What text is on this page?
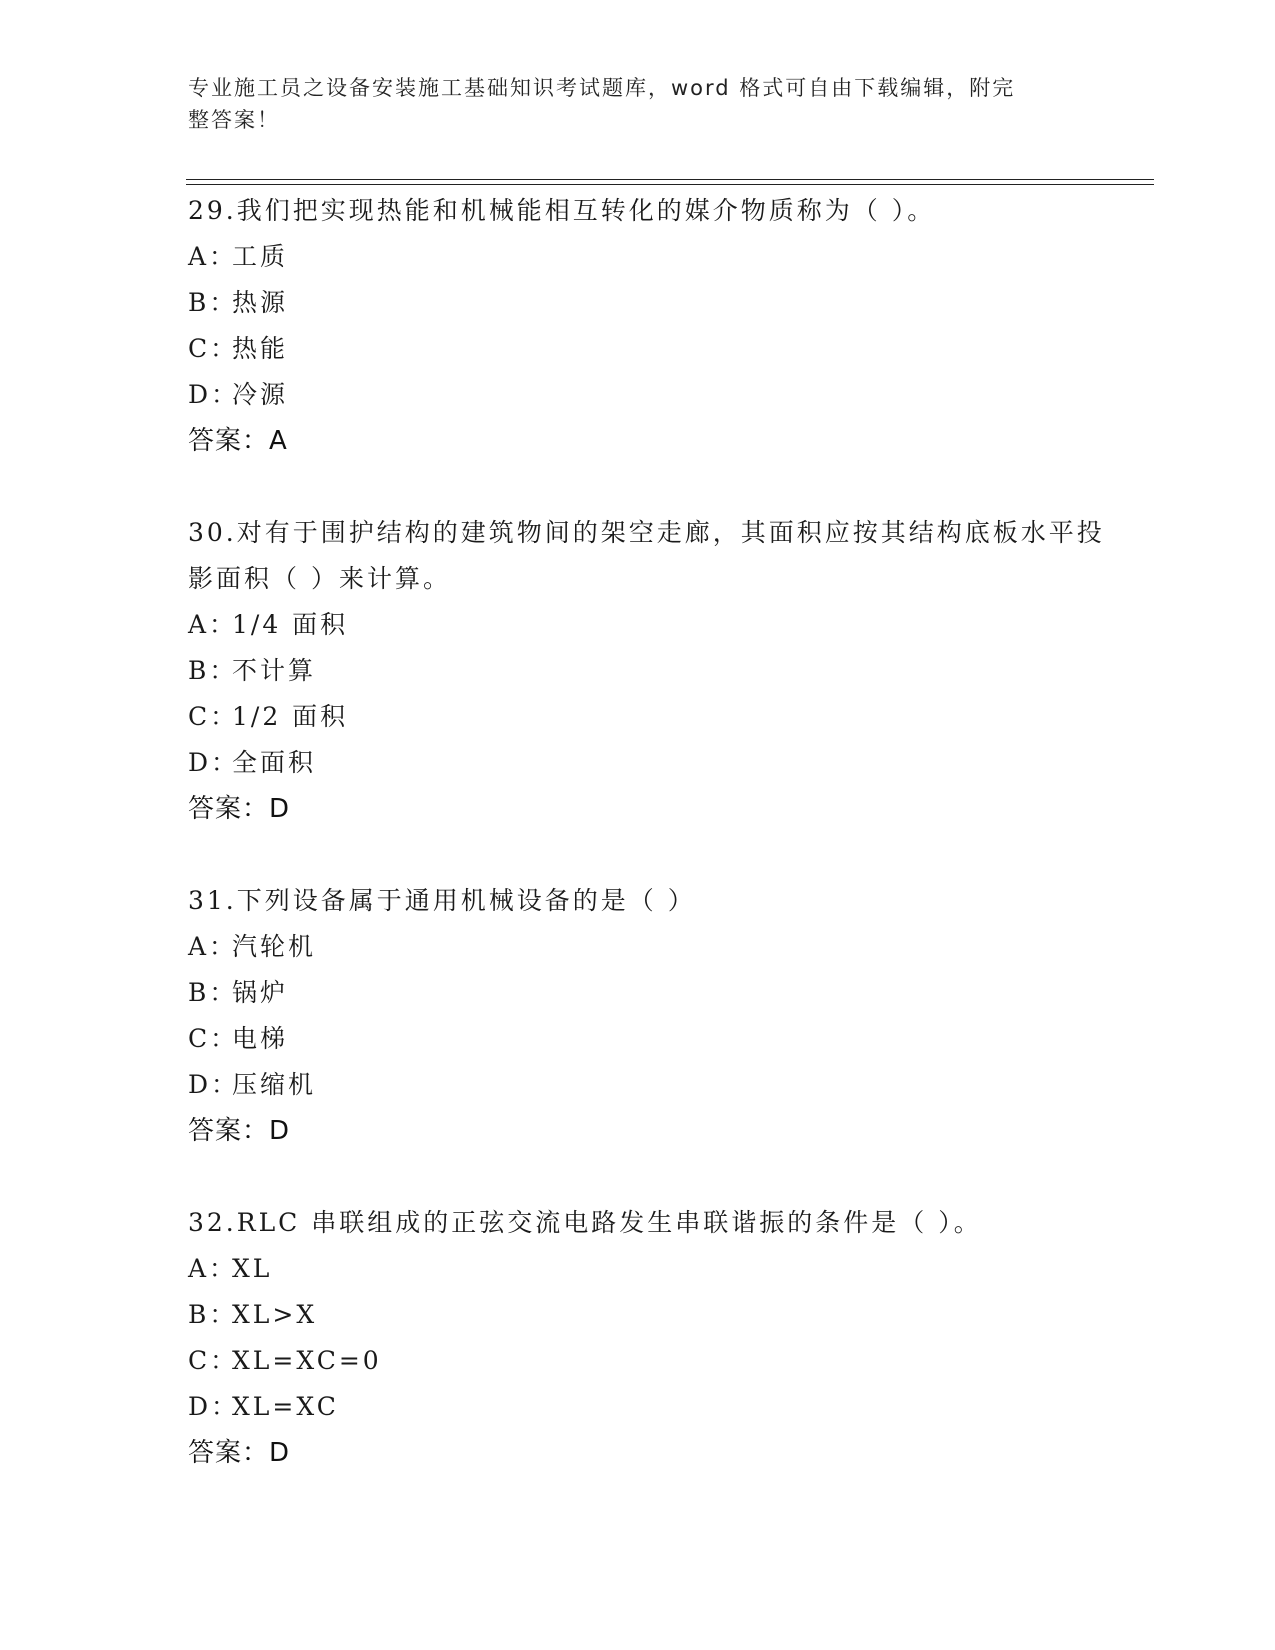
专业施工员之设备安装施工基础知识考试题库，word 格式可自由下载编辑，附完
整答案！
29.我们把实现热能和机械能相互转化的媒介物质称为（ ）。
A：工质
B：热源
C：热能
D：冷源
答案：A
30.对有于围护结构的建筑物间的架空走廊，其面积应按其结构底板水平投影面积（ ）来计算。
A：1/4 面积
B：不计算
C：1/2 面积
D：全面积
答案：D
31.下列设备属于通用机械设备的是（ ）
A：汽轮机
B：锅炉
C：电梯
D：压缩机
答案：D
32.RLC 串联组成的正弦交流电路发生串联谐振的条件是（ ）。
A：XL
B：XL>X
C：XL=XC=0
D：XL=XC
答案：D
